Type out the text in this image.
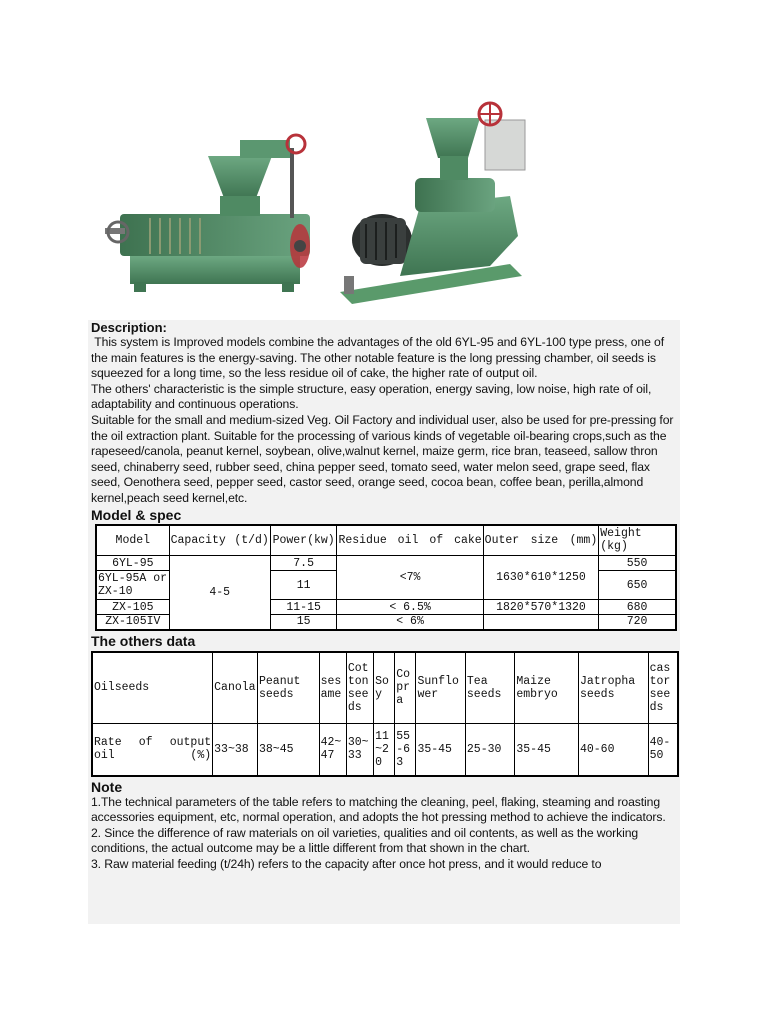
Description:

This system is Improved models combine the advantages of the old 6YL-95 and 6YL-100 type press, one of the main features is the energy-saving. The other notable feature is the long pressing chamber, oil seeds is squeezed for a long time, so the less residue oil of cake, the higher rate of output oil.

The others' characteristic is the simple structure, easy operation, energy saving, low noise, high rate of oil, adaptability and continuous operations.

Suitable for the small and medium-sized Veg. Oil Factory and individual user, also be used for pre-pressing for the oil extraction plant. Suitable for the processing of various kinds of vegetable oil-bearing crops,such as the rapeseed/canola, peanut kernel, soybean, olive,walnut kernel, maize germ, rice bran, teaseed, sallow thron seed, chinaberry seed, rubber seed, china pepper seed, tomato seed, water melon seed, grape seed, flax seed, Oenothera seed, pepper seed, castor seed, orange seed, cocoa bean, coffee bean, perilla,almond kernel,peach seed kernel,etc.

Model & spec

Model	Capacity (t/d)	Power(kw)	Residue oil of cake	Outer size (mm)	Weight (kg)
6YL-95	4-5	7.5	<7%	1630*610*1250	550
6YL-95A or ZX-10		11			650
ZX-105		11-15	< 6.5%	1820*570*1320	680
ZX-105IV		15	< 6%		720

The others data

Oilseeds	Canola	Peanut seeds	sesame	Cotton seeds	Soy	Copra	Sunflower	Tea seeds	Maize embryo	Jatropha seeds	castor seeds
Rate of output oil (%)	33~38	38~45	42~47	30~33	11~20	55-63	35-45	25-30	35-45	40-60	40-50

Note

1.The technical parameters of the table refers to matching the cleaning, peel, flaking, steaming and roasting accessories equipment, etc, normal operation, and adopts the hot pressing method to achieve the indicators.

2. Since the difference of raw materials on oil varieties, qualities and oil contents, as well as the working conditions, the actual outcome may be a little different from that shown in the chart.

3. Raw material feeding (t/24h) refers to the capacity after once hot press, and it would reduce to
